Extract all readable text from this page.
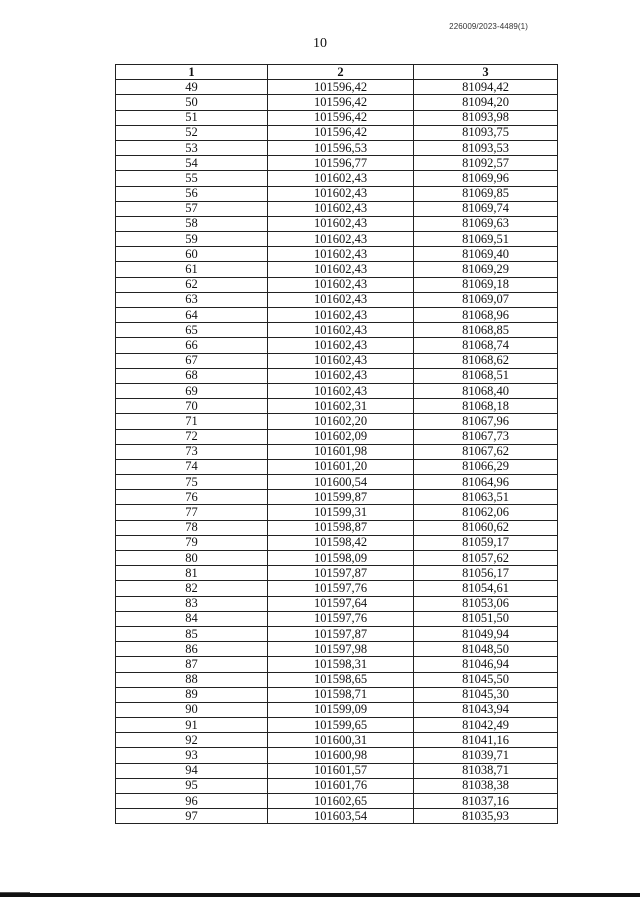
226009/2023-4489(1)
10
1	2	3
49	101596,42	81094,42
50	101596,42	81094,20
51	101596,42	81093,98
52	101596,42	81093,75
53	101596,53	81093,53
54	101596,77	81092,57
55	101602,43	81069,96
56	101602,43	81069,85
57	101602,43	81069,74
58	101602,43	81069,63
59	101602,43	81069,51
60	101602,43	81069,40
61	101602,43	81069,29
62	101602,43	81069,18
63	101602,43	81069,07
64	101602,43	81068,96
65	101602,43	81068,85
66	101602,43	81068,74
67	101602,43	81068,62
68	101602,43	81068,51
69	101602,43	81068,40
70	101602,31	81068,18
71	101602,20	81067,96
72	101602,09	81067,73
73	101601,98	81067,62
74	101601,20	81066,29
75	101600,54	81064,96
76	101599,87	81063,51
77	101599,31	81062,06
78	101598,87	81060,62
79	101598,42	81059,17
80	101598,09	81057,62
81	101597,87	81056,17
82	101597,76	81054,61
83	101597,64	81053,06
84	101597,76	81051,50
85	101597,87	81049,94
86	101597,98	81048,50
87	101598,31	81046,94
88	101598,65	81045,50
89	101598,71	81045,30
90	101599,09	81043,94
91	101599,65	81042,49
92	101600,31	81041,16
93	101600,98	81039,71
94	101601,57	81038,71
95	101601,76	81038,38
96	101602,65	81037,16
97	101603,54	81035,93
